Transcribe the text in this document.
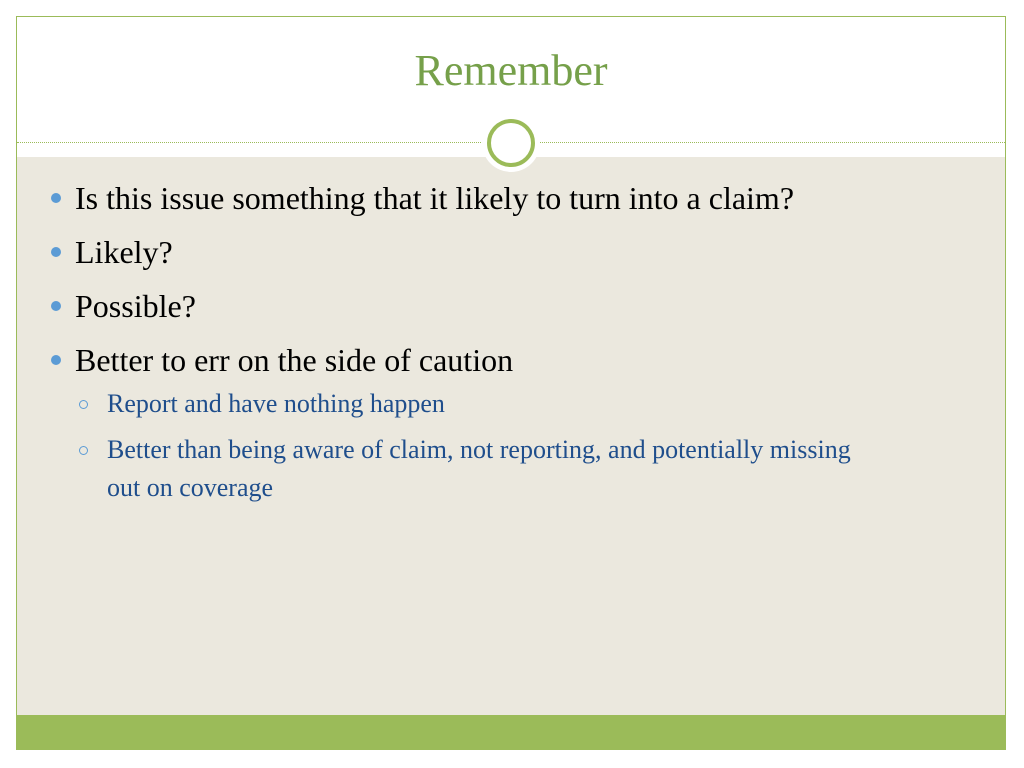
Remember
Is this issue something that it likely to turn into a claim?
Likely?
Possible?
Better to err on the side of caution
Report and have nothing happen
Better than being aware of claim, not reporting, and potentially missing out on coverage
